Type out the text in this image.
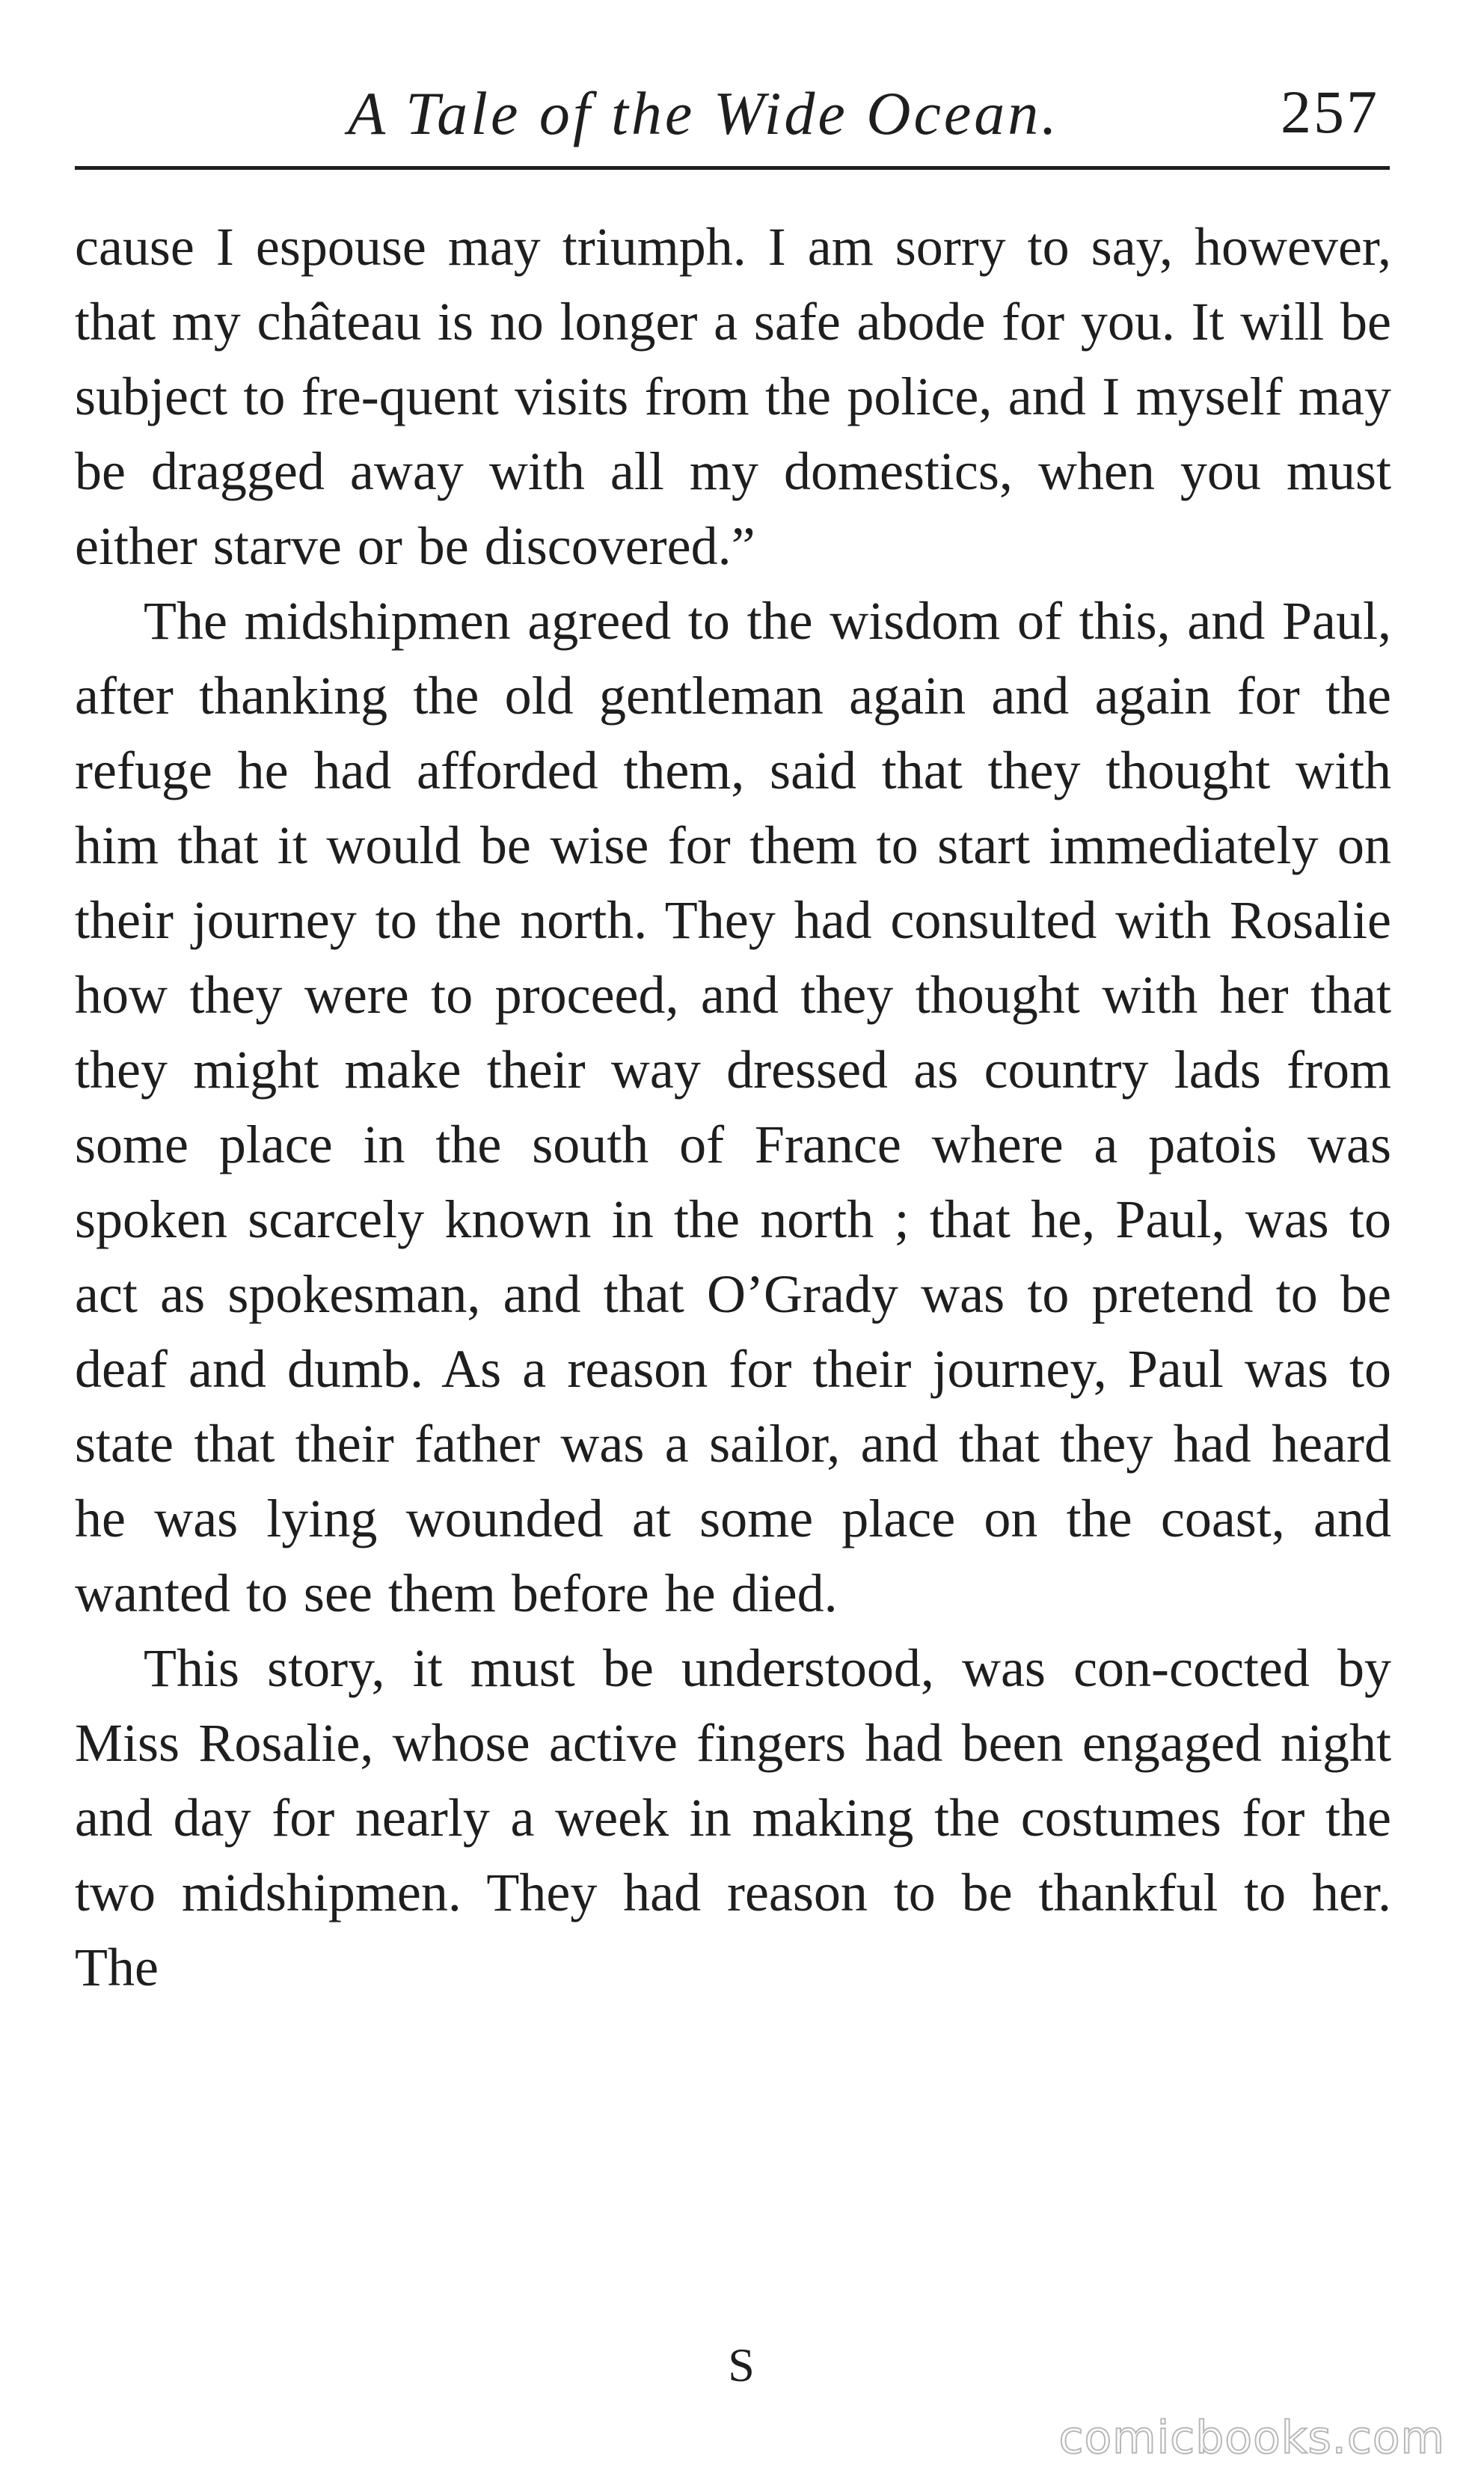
A Tale of the Wide Ocean.	257

cause I espouse may triumph. I am sorry to say, however, that my château is no longer a safe abode for you. It will be subject to fre-quent visits from the police, and I myself may be dragged away with all my domestics, when you must either starve or be discovered.”

The midshipmen agreed to the wisdom of this, and Paul, after thanking the old gentleman again and again for the refuge he had afforded them, said that they thought with him that it would be wise for them to start immediately on their journey to the north. They had consulted with Rosalie how they were to proceed, and they thought with her that they might make their way dressed as country lads from some place in the south of France where a patois was spoken scarcely known in the north ; that he, Paul, was to act as spokesman, and that O’Grady was to pretend to be deaf and dumb. As a reason for their journey, Paul was to state that their father was a sailor, and that they had heard he was lying wounded at some place on the coast, and wanted to see them before he died.

This story, it must be understood, was con-cocted by Miss Rosalie, whose active fingers had been engaged night and day for nearly a week in making the costumes for the two midshipmen. They had reason to be thankful to her. The

S
comicbooks.com
